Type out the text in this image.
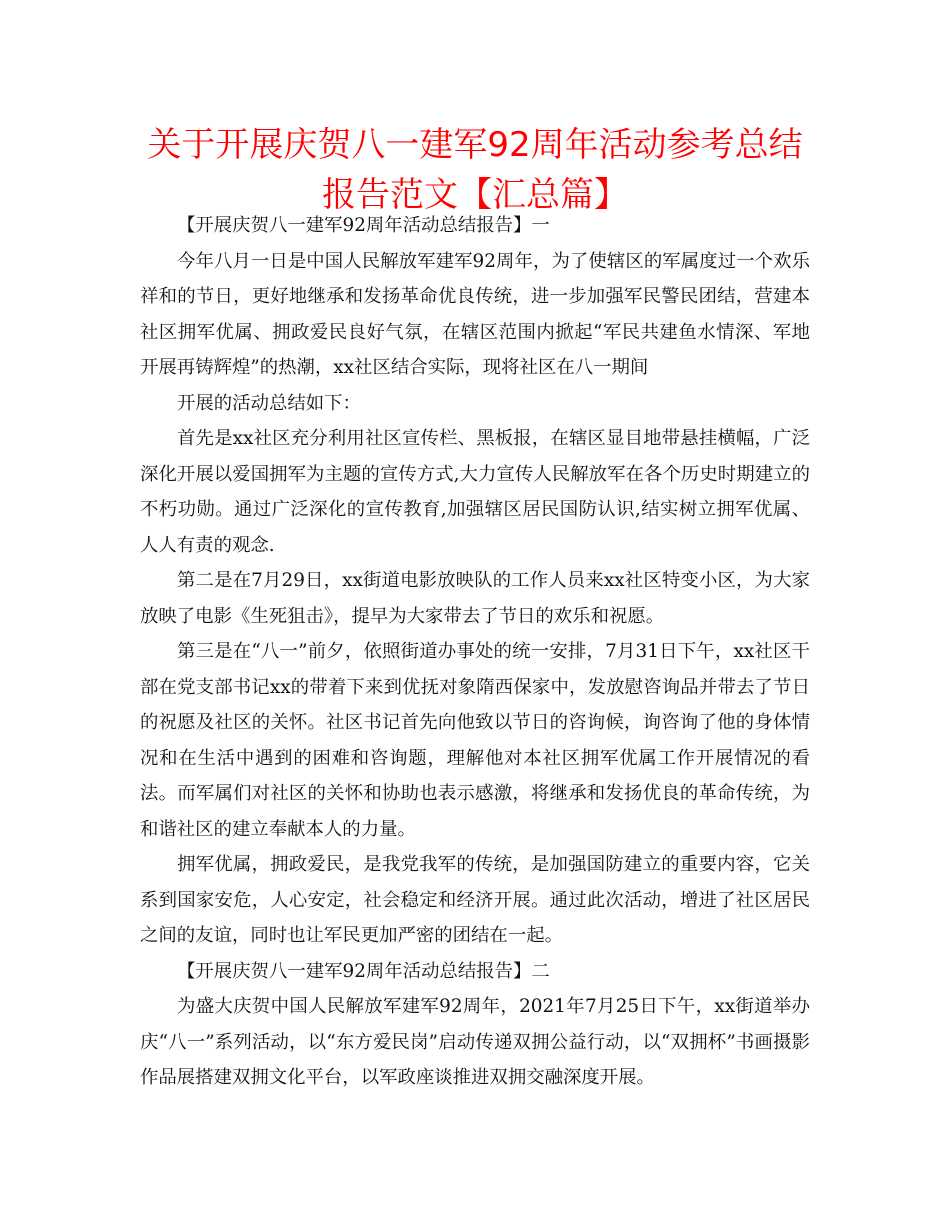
关于开展庆贺八一建军92周年活动参考总结报告范文【汇总篇】

【开展庆贺八一建军92周年活动总结报告】一

今年八月一日是中国人民解放军建军92周年，为了使辖区的军属度过一个欢乐祥和的节日，更好地继承和发扬革命优良传统，进一步加强军民警民团结，营建本社区拥军优属、拥政爱民良好气氛，在辖区范围内掀起“军民共建鱼水情深、军地开展再铸辉煌”的热潮，xx社区结合实际，现将社区在八一期间

开展的活动总结如下：

首先是xx社区充分利用社区宣传栏、黑板报，在辖区显目地带悬挂横幅，广泛深化开展以爱国拥军为主题的宣传方式,大力宣传人民解放军在各个历史时期建立的不朽功勋。通过广泛深化的宣传教育,加强辖区居民国防认识,结实树立拥军优属、人人有责的观念.

第二是在7月29日，xx街道电影放映队的工作人员来xx社区特变小区，为大家放映了电影《生死狙击》，提早为大家带去了节日的欢乐和祝愿。

第三是在“八一”前夕，依照街道办事处的统一安排，7月31日下午，xx社区干部在党支部书记xx的带着下来到优抚对象隋西保家中，发放慰咨询品并带去了节日的祝愿及社区的关怀。社区书记首先向他致以节日的咨询候，询咨询了他的身体情况和在生活中遇到的困难和咨询题，理解他对本社区拥军优属工作开展情况的看法。而军属们对社区的关怀和协助也表示感激，将继承和发扬优良的革命传统，为和谐社区的建立奉献本人的力量。

拥军优属，拥政爱民，是我党我军的传统，是加强国防建立的重要内容，它关系到国家安危，人心安定，社会稳定和经济开展。通过此次活动，增进了社区居民之间的友谊，同时也让军民更加严密的团结在一起。

【开展庆贺八一建军92周年活动总结报告】二

为盛大庆贺中国人民解放军建军92周年，2021年7月25日下午，xx街道举办庆“八一”系列活动，以“东方爱民岗”启动传递双拥公益行动，以“双拥杯”书画摄影作品展搭建双拥文化平台，以军政座谈推进双拥交融深度开展。
